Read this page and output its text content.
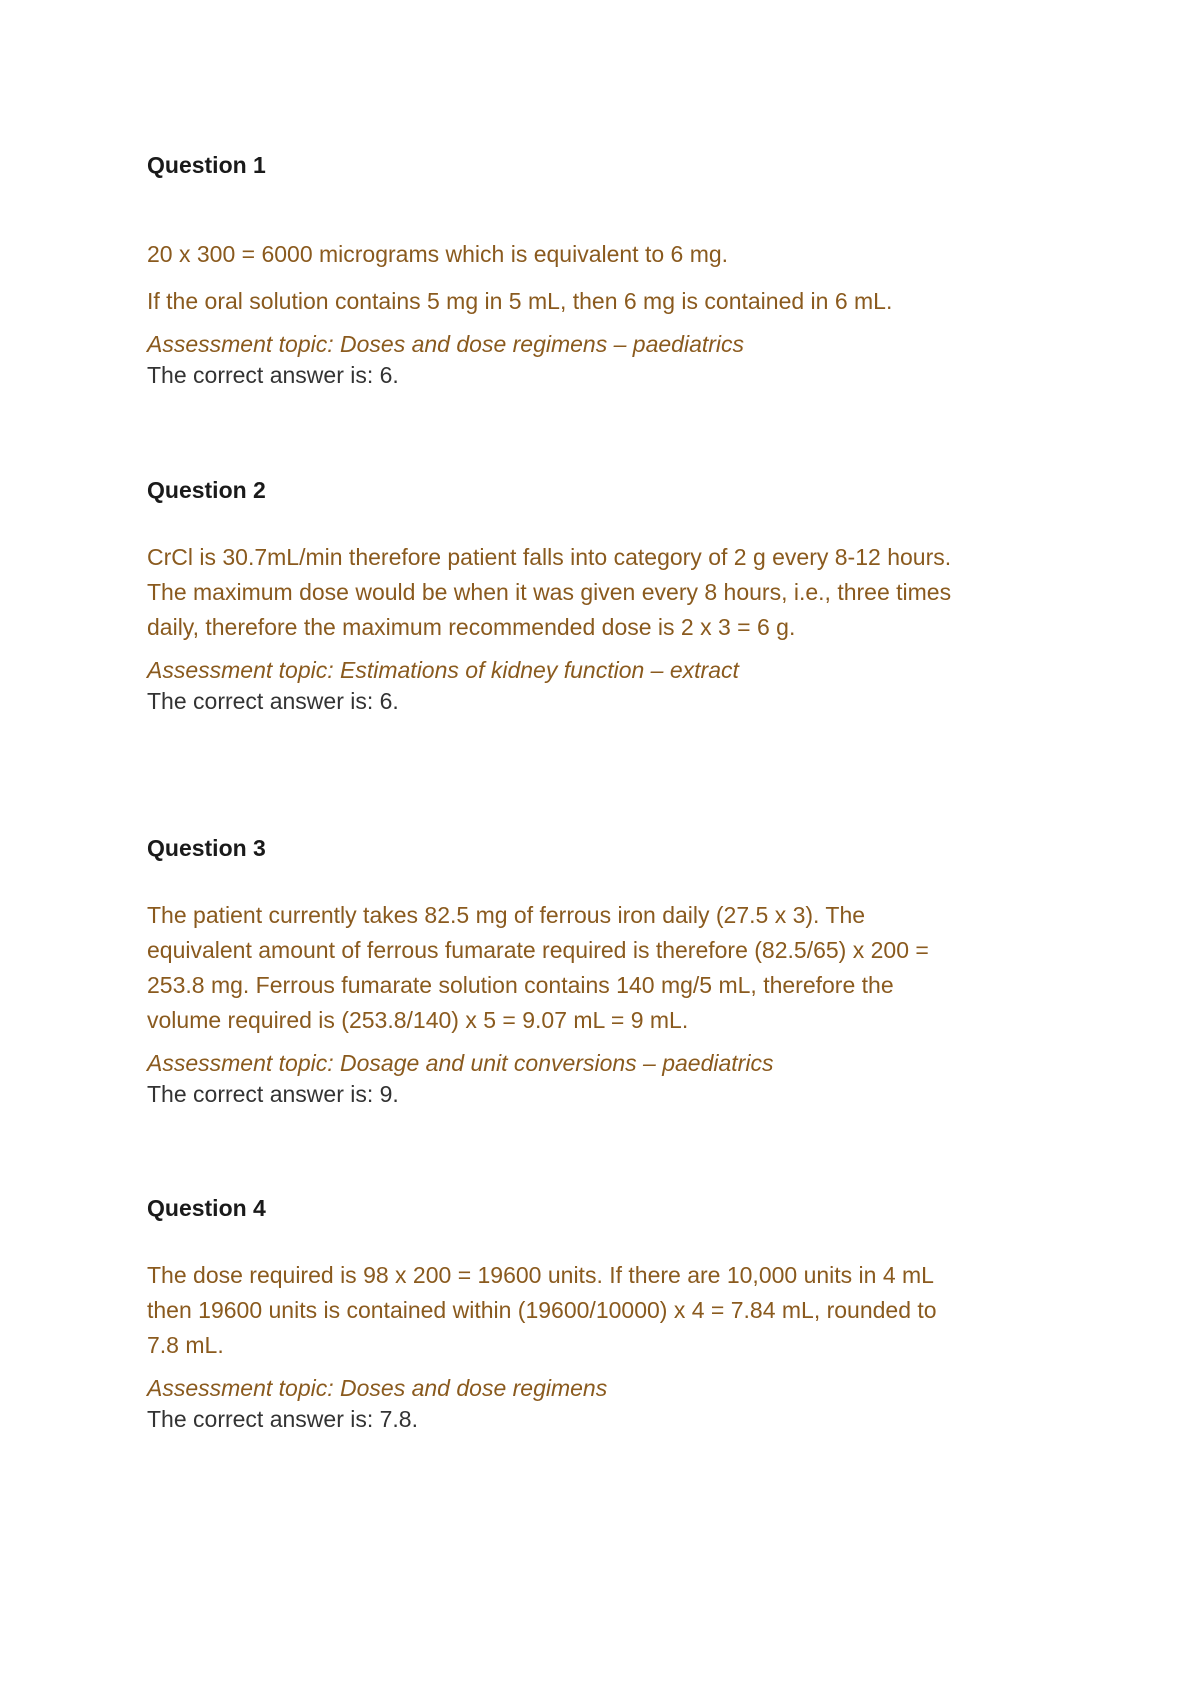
Question 1

20 x 300 = 6000 micrograms which is equivalent to 6 mg.

If the oral solution contains 5 mg in 5 mL, then 6 mg is contained in 6 mL.

Assessment topic: Doses and dose regimens – paediatrics

The correct answer is: 6.

Question 2

CrCl is 30.7mL/min therefore patient falls into category of 2 g every 8-12 hours.

The maximum dose would be when it was given every 8 hours, i.e., three times

daily, therefore the maximum recommended dose is 2 x 3 = 6 g.

Assessment topic: Estimations of kidney function – extract

The correct answer is: 6.

Question 3

The patient currently takes 82.5 mg of ferrous iron daily (27.5 x 3). The

equivalent amount of ferrous fumarate required is therefore (82.5/65) x 200 =

253.8 mg. Ferrous fumarate solution contains 140 mg/5 mL, therefore the

volume required is (253.8/140) x 5 = 9.07 mL = 9 mL.

Assessment topic: Dosage and unit conversions – paediatrics

The correct answer is: 9.

Question 4

The dose required is 98 x 200 = 19600 units. If there are 10,000 units in 4 mL

then 19600 units is contained within (19600/10000) x 4 = 7.84 mL, rounded to

7.8 mL.

Assessment topic: Doses and dose regimens

The correct answer is: 7.8.
